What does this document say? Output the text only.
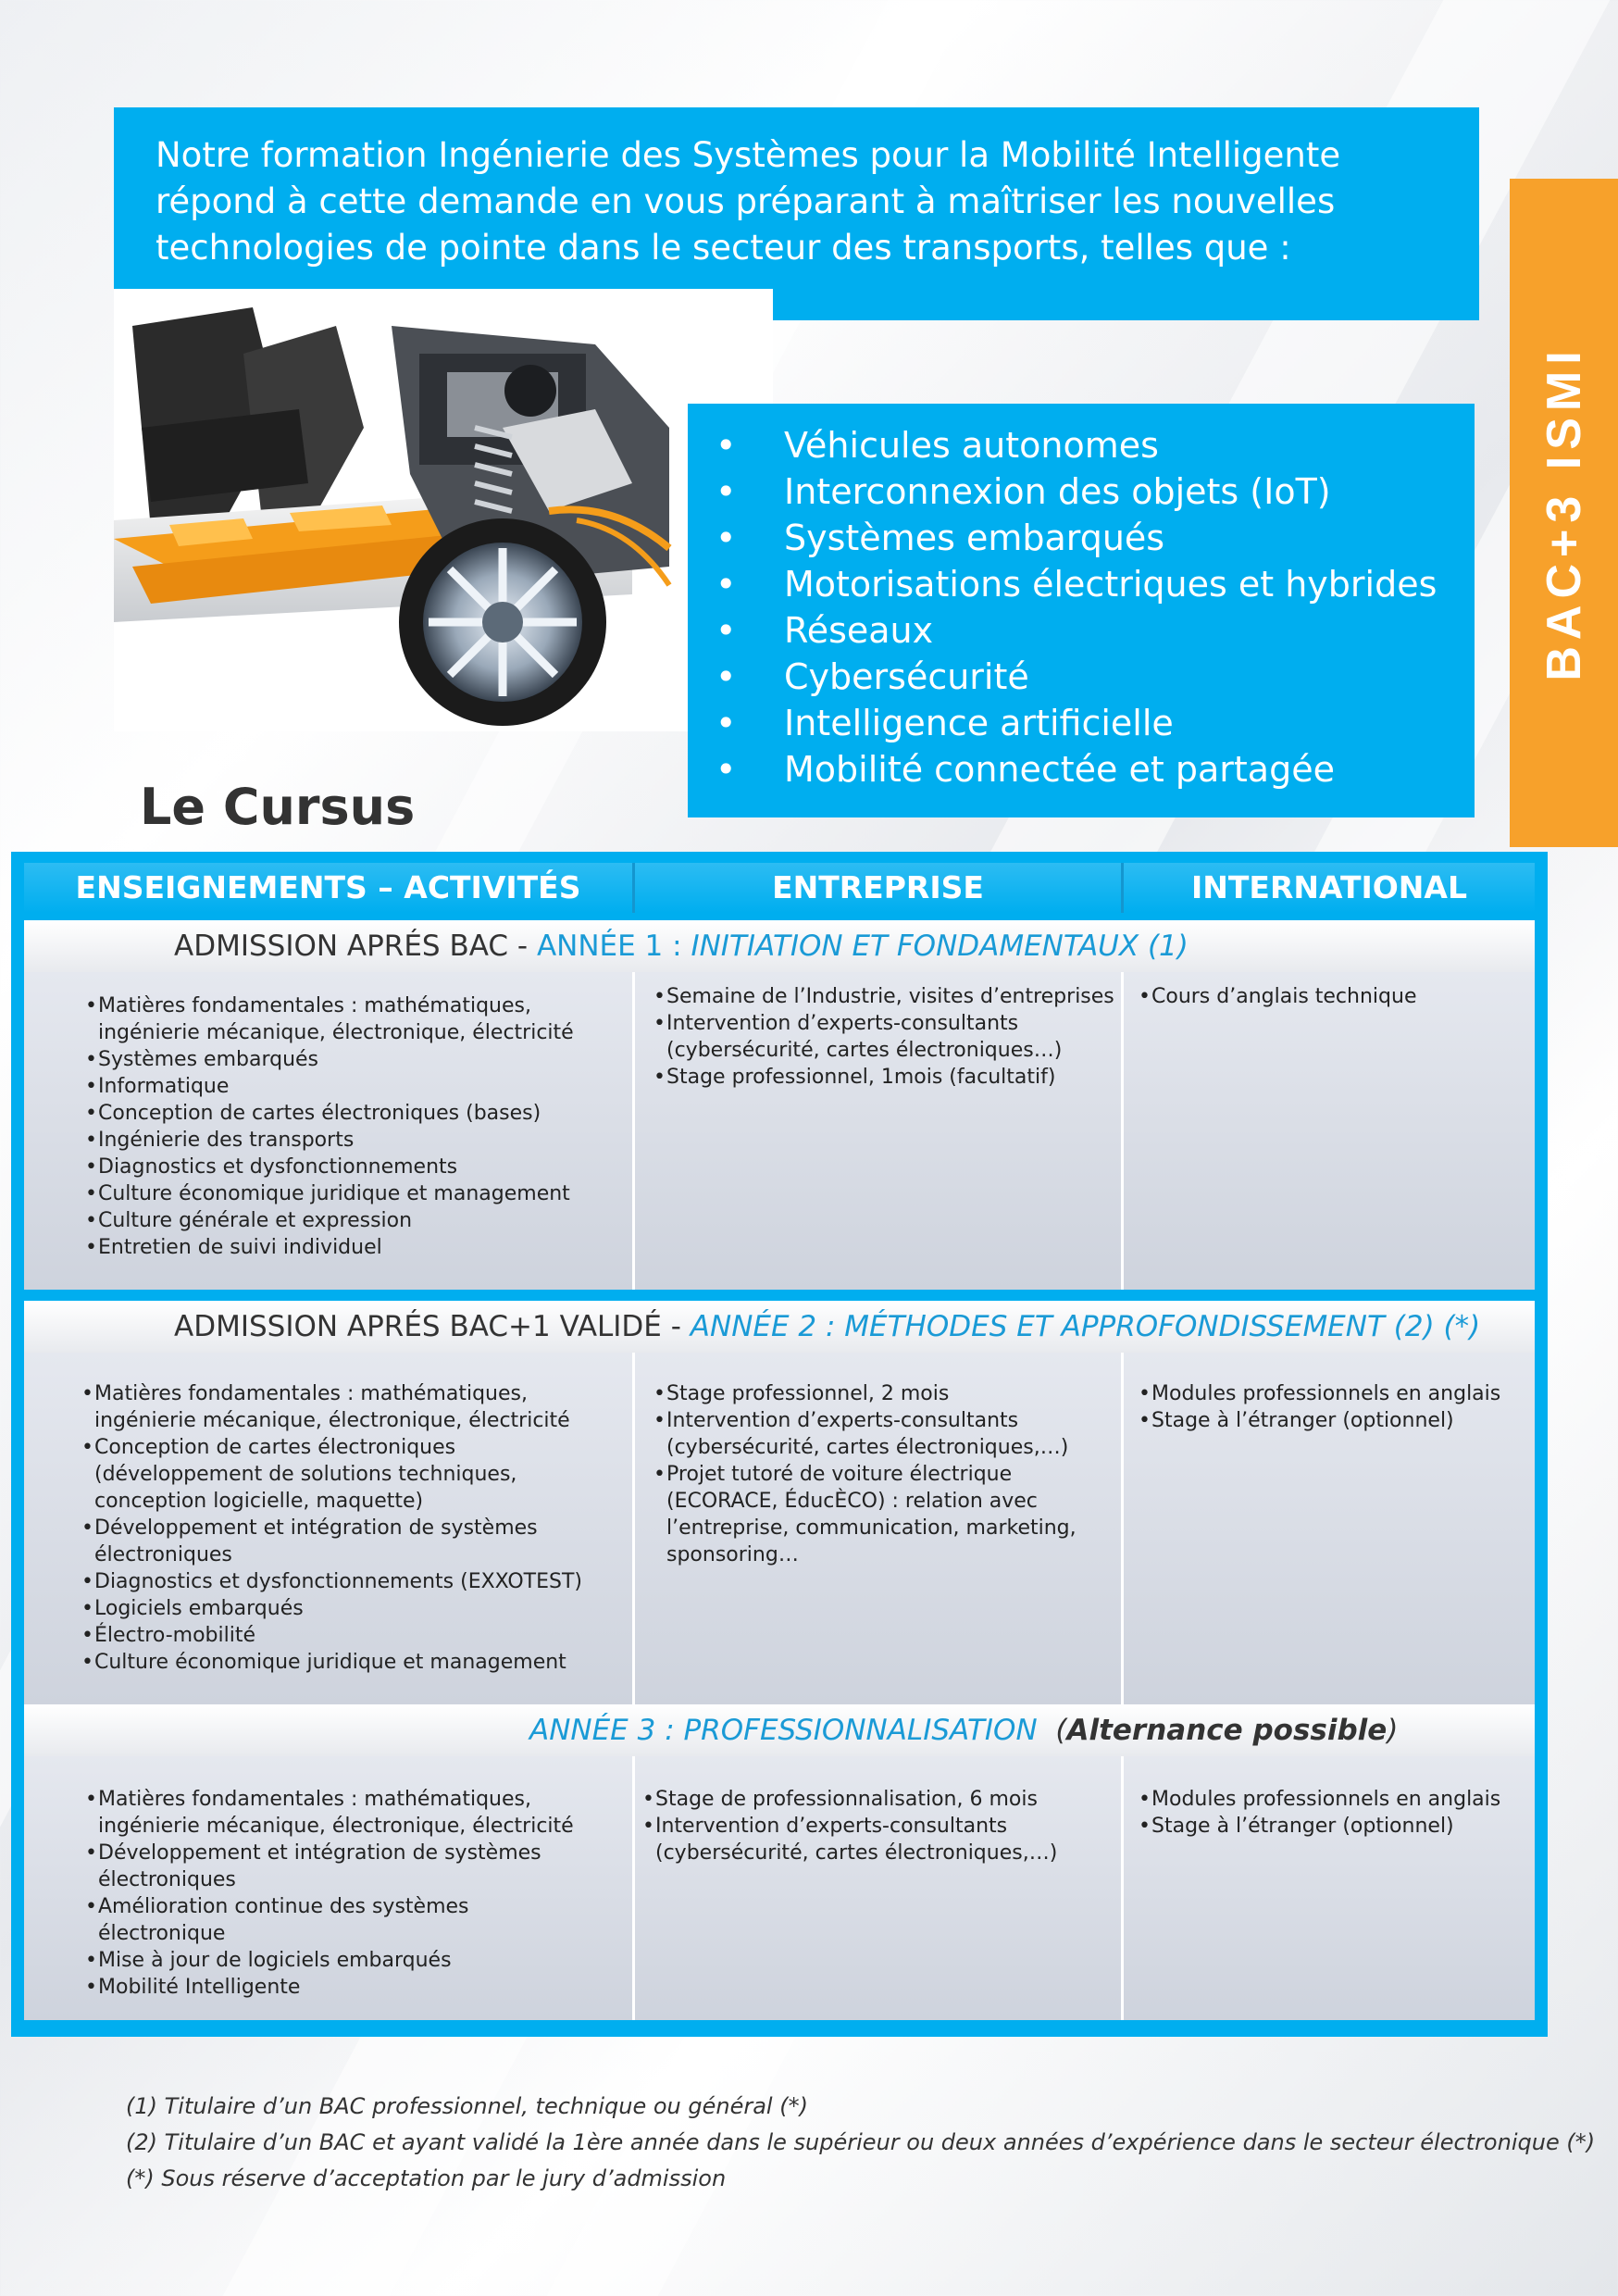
Notre formation Ingénierie des Systèmes pour la Mobilité Intelligente
répond à cette demande en vous préparant à maîtriser les nouvelles
technologies de pointe dans le secteur des transports, telles que :
• Véhicules autonomes
• Interconnexion des objets (IoT)
• Systèmes embarqués
• Motorisations électriques et hybrides
• Réseaux
• Cybersécurité
• Intelligence artificielle
• Mobilité connectée et partagée
BAC+3 ISMI
Le Cursus
ENSEIGNEMENTS – ACTIVITÉS	ENTREPRISE	INTERNATIONAL
ADMISSION APRÉS BAC - ANNÉE 1 : INITIATION ET FONDAMENTAUX (1)
• Matières fondamentales : mathématiques,
ingénierie mécanique, électronique, électricité
• Systèmes embarqués
• Informatique
• Conception de cartes électroniques (bases)
• Ingénierie des transports
• Diagnostics et dysfonctionnements
• Culture économique juridique et management
• Culture générale et expression
• Entretien de suivi individuel
• Semaine de l’Industrie, visites d’entreprises
• Intervention d’experts-consultants
(cybersécurité, cartes électroniques…)
• Stage professionnel, 1mois (facultatif)
• Cours d’anglais technique
ADMISSION APRÉS BAC+1 VALIDÉ - ANNÉE 2 : MÉTHODES ET APPROFONDISSEMENT (2) (*)
• Matières fondamentales : mathématiques,
ingénierie mécanique, électronique, électricité
• Conception de cartes électroniques
(développement de solutions techniques,
conception logicielle, maquette)
• Développement et intégration de systèmes
électroniques
• Diagnostics et dysfonctionnements (EXXOTEST)
• Logiciels embarqués
• Électro-mobilité
• Culture économique juridique et management
• Stage professionnel, 2 mois
• Intervention d’experts-consultants
(cybersécurité, cartes électroniques,…)
• Projet tutoré de voiture électrique
(ECORACE, ÉducÈCO) : relation avec
l’entreprise, communication, marketing,
sponsoring…
• Modules professionnels en anglais
• Stage à l’étranger (optionnel)
ANNÉE 3 : PROFESSIONNALISATION (Alternance possible)
• Matières fondamentales : mathématiques,
ingénierie mécanique, électronique, électricité
• Développement et intégration de systèmes
électroniques
• Amélioration continue des systèmes
électronique
• Mise à jour de logiciels embarqués
• Mobilité Intelligente
• Stage de professionnalisation, 6 mois
• Intervention d’experts-consultants
(cybersécurité, cartes électroniques,…)
• Modules professionnels en anglais
• Stage à l’étranger (optionnel)
(1) Titulaire d’un BAC professionnel, technique ou général (*)
(2) Titulaire d’un BAC et ayant validé la 1ère année dans le supérieur ou deux années d’expérience dans le secteur électronique (*)
(*) Sous réserve d’acceptation par le jury d’admission
